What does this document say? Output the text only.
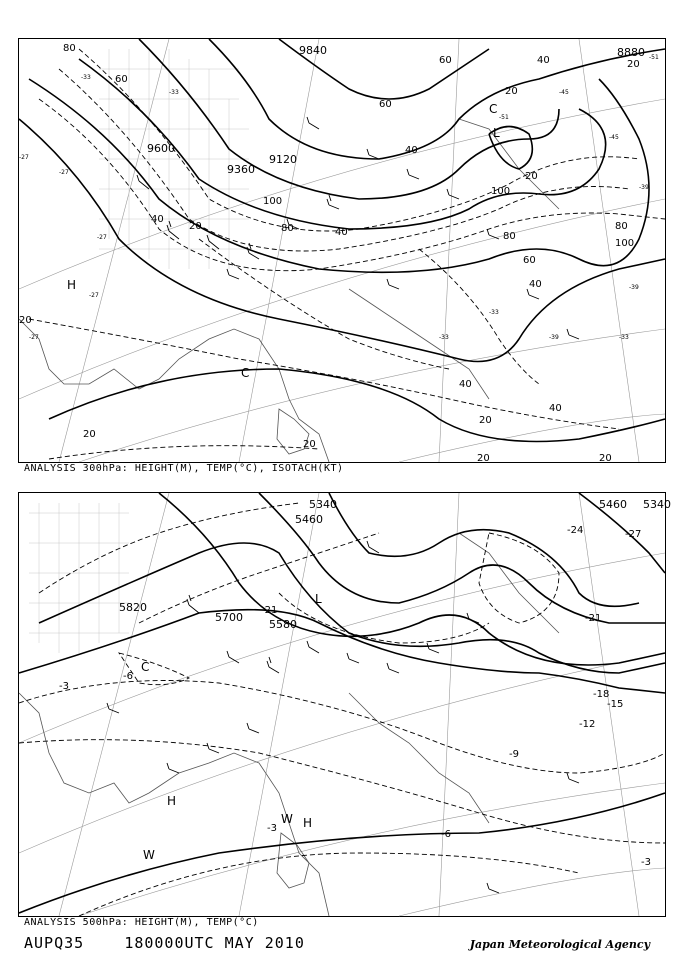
9600
9360
9120
8880
9840
80
60
40
20
100
80	40
60
40
60
20
40
100
80
60
40
80
100
20
20
40
40
20
20
20
20	20
20
-27
-27
-27
-27
-27
-33
-33
-33
-33
-33
-39
-39
-39
-45
-45
-51
-51
H
C
C
L
ANALYSIS 300hPa: HEIGHT(M), TEMP(°C), ISOTACH(KT)
5820
5700
5580
5460
5340	5340
5460
-3
-3
-3
-6
-6
-9
-12
-15
-18
-21
-21
-24	-27
C
L
H
H
W
W
ANALYSIS 500hPa: HEIGHT(M), TEMP(°C)
AUPQ35	180000UTC MAY 2010	Japan Meteorological Agency
